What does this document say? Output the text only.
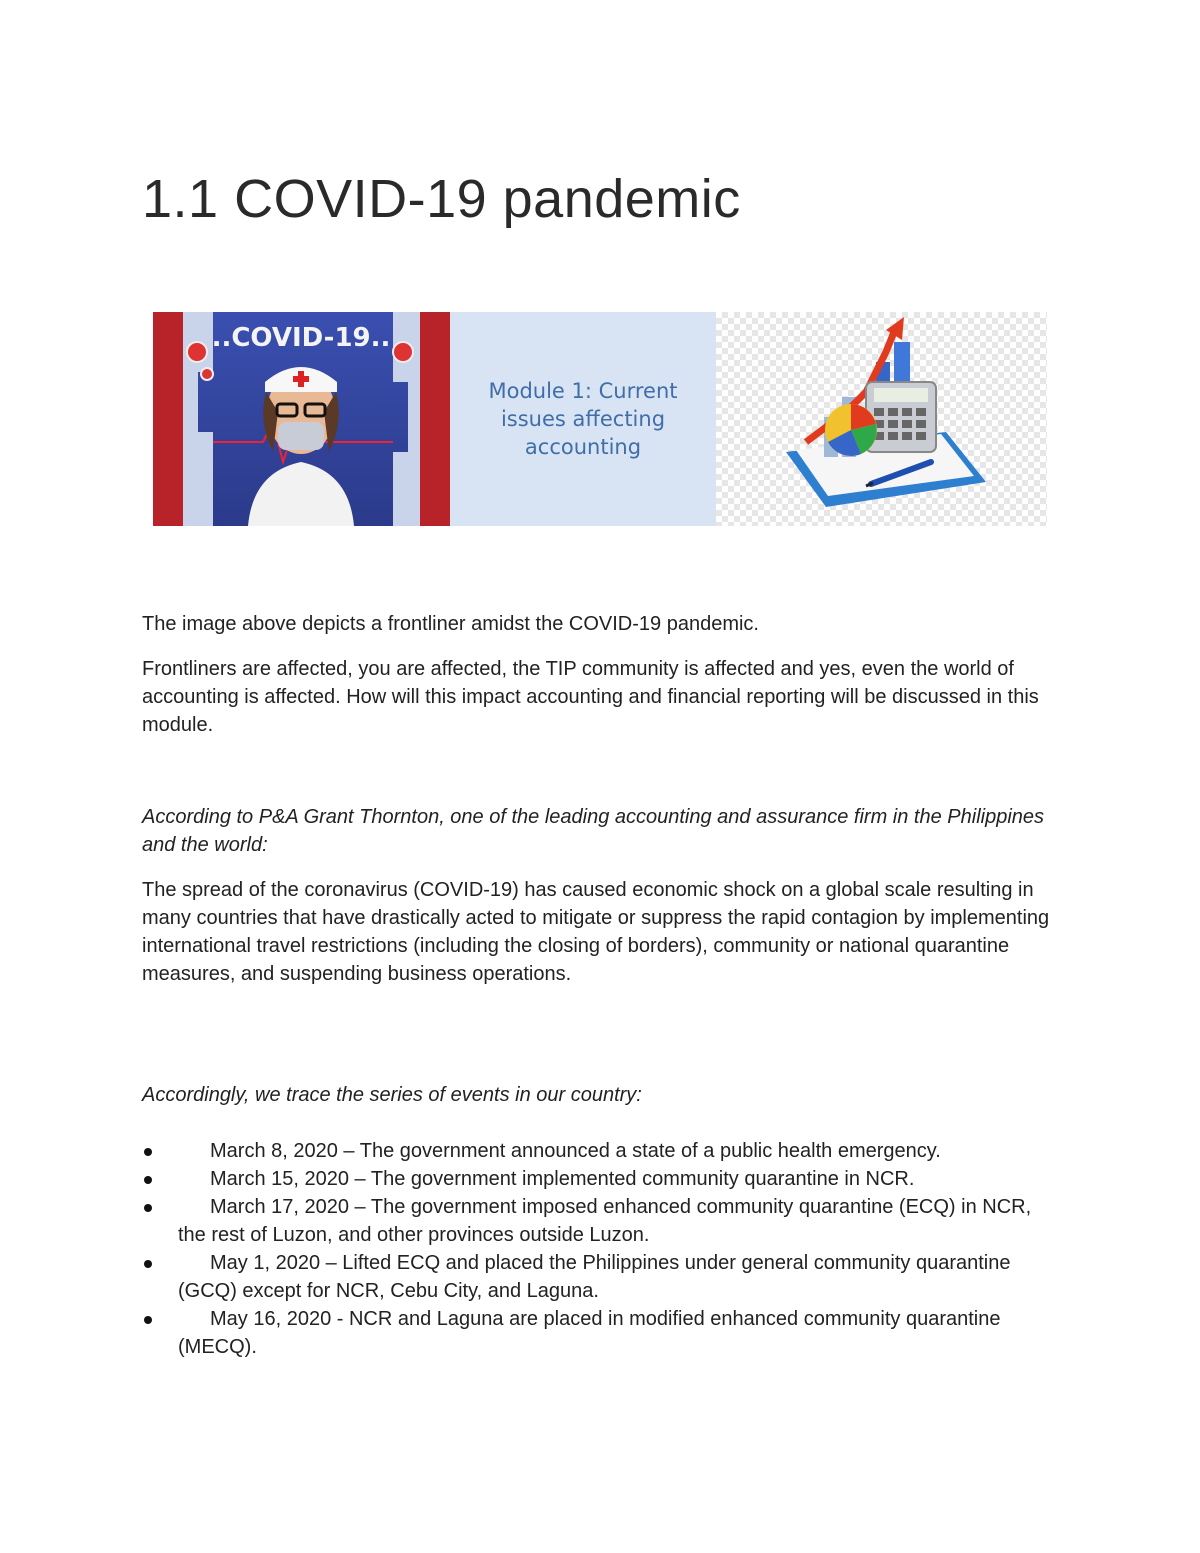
1.1 COVID-19 pandemic
..COVID-19..
Module 1: Current issues affecting accounting

The image above depicts a frontliner amidst the COVID-19 pandemic.

Frontliners are affected, you are affected, the TIP community is affected and yes, even the world of accounting is affected. How will this impact accounting and financial reporting will be discussed in this module.

According to P&A Grant Thornton, one of the leading accounting and assurance firm in the Philippines and the world:

The spread of the coronavirus (COVID-19) has caused economic shock on a global scale resulting in many countries that have drastically acted to mitigate or suppress the rapid contagion by implementing international travel restrictions (including the closing of borders), community or national quarantine measures, and suspending business operations.

Accordingly, we trace the series of events in our country:

March 8, 2020 – The government announced a state of a public health emergency.
March 15, 2020 – The government implemented community quarantine in NCR.
March 17, 2020 – The government imposed enhanced community quarantine (ECQ) in NCR, the rest of Luzon, and other provinces outside Luzon.
May 1, 2020 – Lifted ECQ and placed the Philippines under general community quarantine (GCQ) except for NCR, Cebu City, and Laguna.
May 16, 2020 - NCR and Laguna are placed in modified enhanced community quarantine (MECQ).
